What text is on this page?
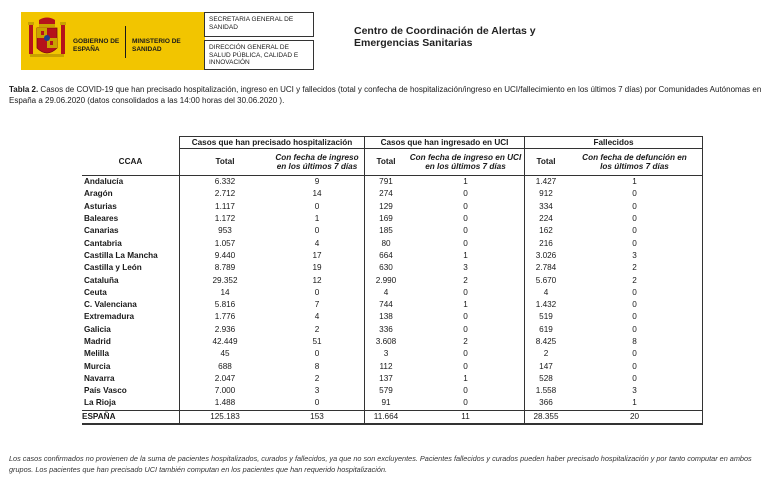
GOBIERNO DE ESPAÑA
MINISTERIO DE SANIDAD
SECRETARIA GENERAL DE SANIDAD
DIRECCIÓN GENERAL DE SALUD PÚBLICA, CALIDAD E INNOVACIÓN
Centro de Coordinación de Alertas y Emergencias Sanitarias
Tabla 2. Casos de COVID-19 que han precisado hospitalización, ingreso en UCI y fallecidos (total y confecha de hospitalización/ingreso en UCI/fallecimiento en los últimos 7 días) por Comunidades Autónomas en España a 29.06.2020 (datos consolidados a las 14:00 horas del 30.06.2020 ).
	Casos que han precisado hospitalización		Casos que han ingresado en UCI		Fallecidos	
CCAA	Total	Con fecha de ingreso en los últimos 7 días	Total	Con fecha de ingreso en UCI en los últimos 7 días	Total	Con fecha de defunción en los últimos 7 días

Andalucía	6.332	9	791	1	1.427	1
Aragón	2.712	14	274	0	912	0
Asturias	1.117	0	129	0	334	0
Baleares	1.172	1	169	0	224	0
Canarias	953	0	185	0	162	0
Cantabria	1.057	4	80	0	216	0
Castilla La Mancha	9.440	17	664	1	3.026	3
Castilla y León	8.789	19	630	3	2.784	2
Cataluña	29.352	12	2.990	2	5.670	2
Ceuta	14	0	4	0	4	0
C. Valenciana	5.816	7	744	1	1.432	0
Extremadura	1.776	4	138	0	519	0
Galicia	2.936	2	336	0	619	0
Madrid	42.449	51	3.608	2	8.425	8
Melilla	45	0	3	0	2	0
Murcia	688	8	112	0	147	0
Navarra	2.047	2	137	1	528	0
País Vasco	7.000	3	579	0	1.558	3
La Rioja	1.488	0	91	0	366	1
ESPAÑA	125.183	153	11.664	11	28.355	20
Los casos confirmados no provienen de la suma de pacientes hospitalizados, curados y fallecidos, ya que no son excluyentes. Pacientes fallecidos y curados pueden haber precisado hospitalización y por tanto computar en ambos grupos. Los pacientes que han precisado UCI también computan en los pacientes que han requerido hospitalización.
